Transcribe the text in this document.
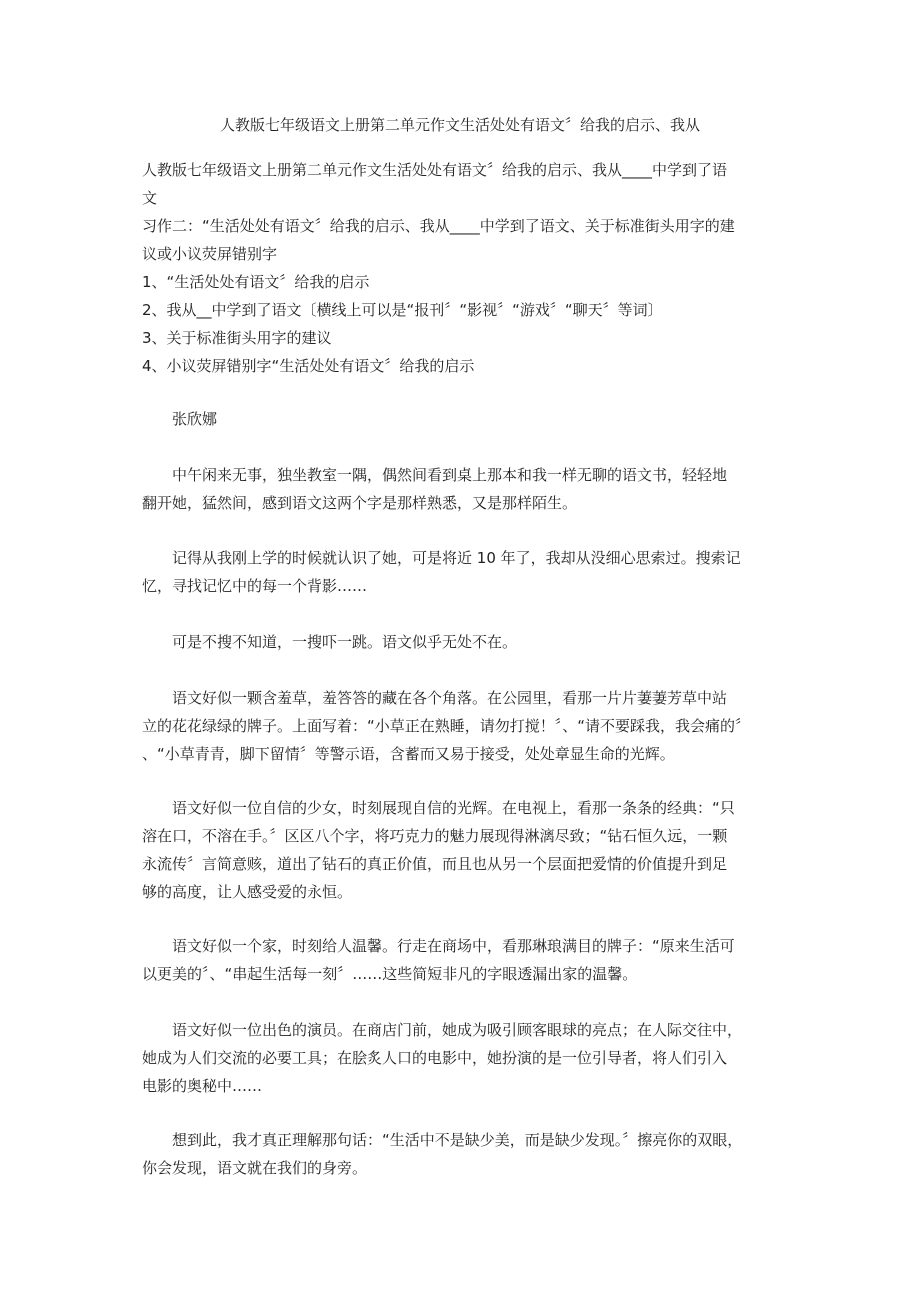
人教版七年级语文上册第二单元作文生活处处有语文〞给我的启示、我从
人教版七年级语文上册第二单元作文生活处处有语文〞给我的启示、我从____中学到了语
文
习作二：“生活处处有语文〞给我的启示、我从____中学到了语文、关于标准街头用字的建
议或小议荧屏错别字
1、“生活处处有语文〞给我的启示
2、我从__中学到了语文〔横线上可以是“报刊〞“影视〞“游戏〞“聊天〞等词〕
3、关于标准街头用字的建议
4、小议荧屏错别字“生活处处有语文〞给我的启示
张欣娜
中午闲来无事，独坐教室一隅，偶然间看到桌上那本和我一样无聊的语文书，轻轻地
翻开她，猛然间，感到语文这两个字是那样熟悉，又是那样陌生。
记得从我刚上学的时候就认识了她，可是将近 10 年了，我却从没细心思索过。搜索记
忆，寻找记忆中的每一个背影……
可是不搜不知道，一搜吓一跳。语文似乎无处不在。
语文好似一颗含羞草，羞答答的藏在各个角落。在公园里，看那一片片萋萋芳草中站
立的花花绿绿的牌子。上面写着：“小草正在熟睡，请勿打搅！〞、“请不要踩我，我会痛的〞
、“小草青青，脚下留情〞等警示语，含蓄而又易于接受，处处章显生命的光辉。
语文好似一位自信的少女，时刻展现自信的光辉。在电视上，看那一条条的经典：“只
溶在口，不溶在手。〞区区八个字，将巧克力的魅力展现得淋漓尽致；“钻石恒久远，一颗
永流传〞言简意赅，道出了钻石的真正价值，而且也从另一个层面把爱情的价值提升到足
够的高度，让人感受爱的永恒。
语文好似一个家，时刻给人温馨。行走在商场中，看那琳琅满目的牌子：“原来生活可
以更美的〞、“串起生活每一刻〞……这些简短非凡的字眼透漏出家的温馨。
语文好似一位出色的演员。在商店门前，她成为吸引顾客眼球的亮点；在人际交往中，
她成为人们交流的必要工具；在脍炙人口的电影中，她扮演的是一位引导者，将人们引入
电影的奥秘中……
想到此，我才真正理解那句话：“生活中不是缺少美，而是缺少发现。〞擦亮你的双眼，
你会发现，语文就在我们的身旁。
